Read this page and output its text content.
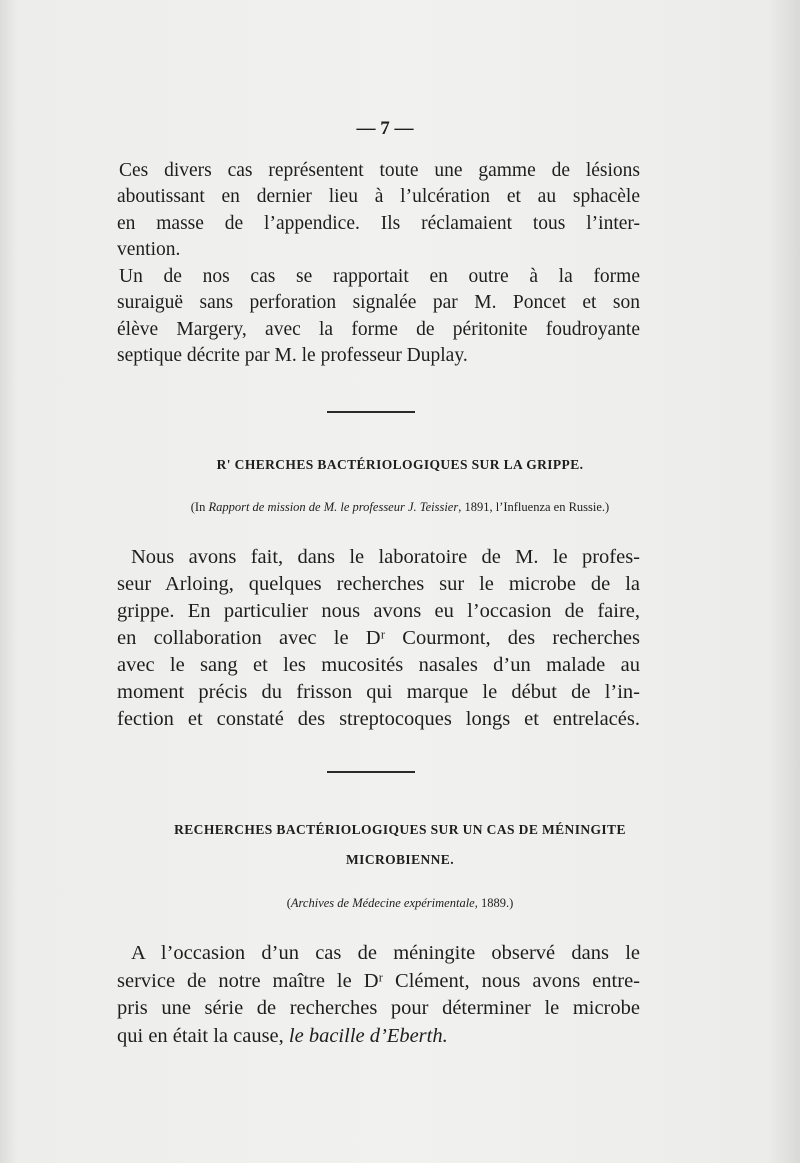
— 7 —
Ces divers cas représentent toute une gamme de lésions
aboutissant en dernier lieu à l’ulcération et au sphacèle
en masse de l’appendice. Ils réclamaient tous l’inter-
vention.
Un de nos cas se rapportait en outre à la forme
suraiguë sans perforation signalée par M. Poncet et son
élève Margery, avec la forme de péritonite foudroyante
septique décrite par M. le professeur Duplay.

R' CHERCHES BACTÉRIOLOGIQUES SUR LA GRIPPE.

(In Rapport de mission de M. le professeur J. Teissier, 1891, l’Influenza en Russie.)

Nous avons fait, dans le laboratoire de M. le profes-
seur Arloing, quelques recherches sur le microbe de la
grippe. En particulier nous avons eu l’occasion de faire,
en collaboration avec le Dʳ Courmont, des recherches
avec le sang et les mucosités nasales d’un malade au
moment précis du frisson qui marque le début de l’in-
fection et constaté des streptocoques longs et entrelacés.

RECHERCHES BACTÉRIOLOGIQUES SUR UN CAS DE MÉNINGITE

MICROBIENNE.

(Archives de Médecine expérimentale, 1889.)

A l’occasion d’un cas de méningite observé dans le
service de notre maître le Dʳ Clément, nous avons entre-
pris une série de recherches pour déterminer le microbe
qui en était la cause, le bacille d’Eberth.
